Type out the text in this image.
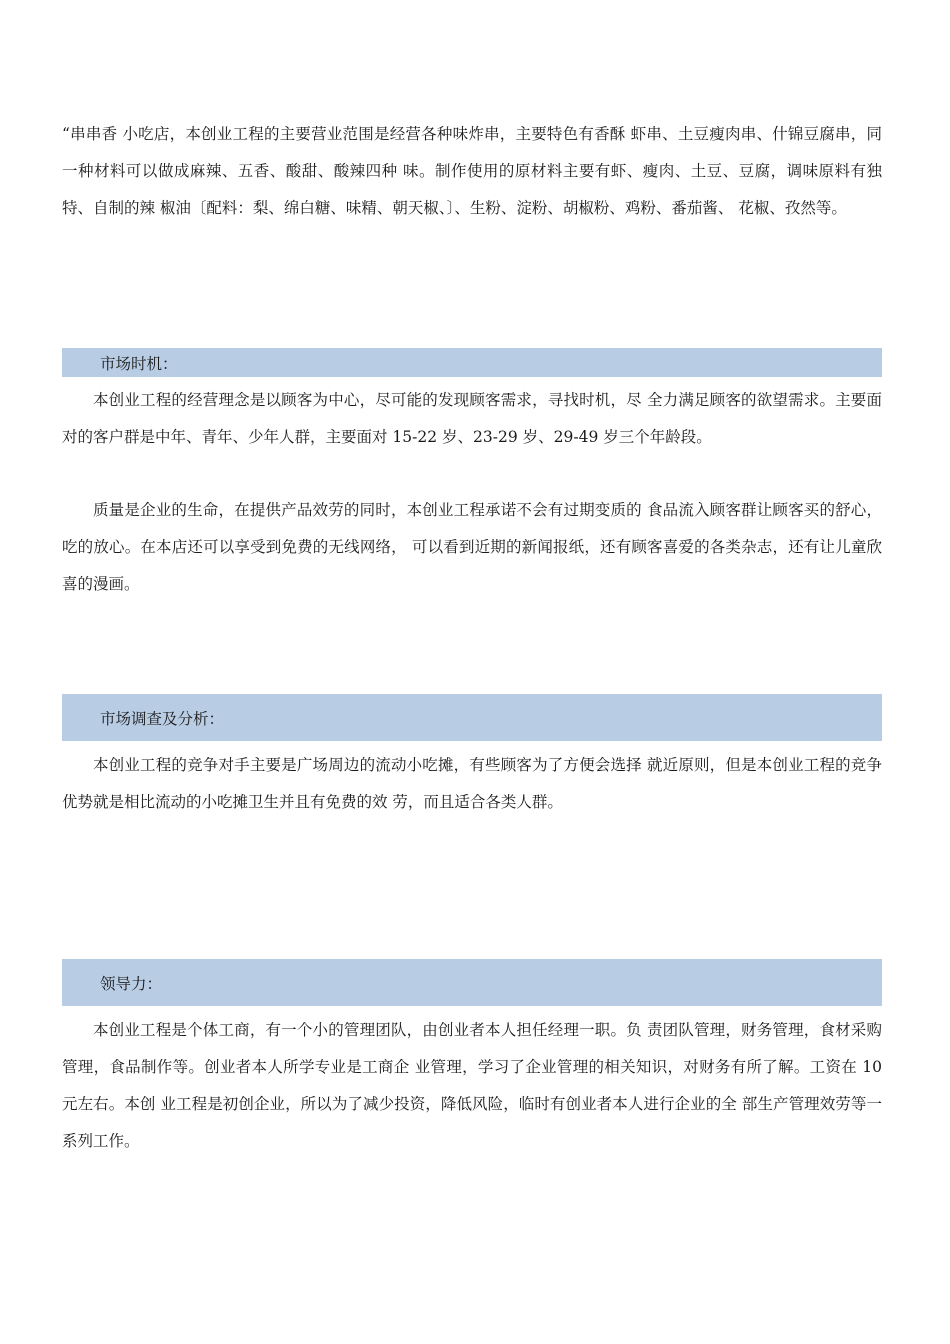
“串串香 小吃店，本创业工程的主要营业范围是经营各种味炸串，主要特色有香酥 虾串、土豆瘦肉串、什锦豆腐串，同一种材料可以做成麻辣、五香、酸甜、酸辣四种 味。制作使用的原材料主要有虾、瘦肉、土豆、豆腐，调味原料有独特、自制的辣 椒油〔配料：梨、绵白糖、味精、朝天椒、〕、生粉、淀粉、胡椒粉、鸡粉、番茄酱、 花椒、孜然等。

市场时机：

本创业工程的经营理念是以顾客为中心，尽可能的发现顾客需求，寻找时机，尽 全力满足顾客的欲望需求。主要面对的客户群是中年、青年、少年人群，主要面对 15-22 岁、23-29 岁、29-49 岁三个年龄段。

质量是企业的生命，在提供产品效劳的同时，本创业工程承诺不会有过期变质的 食品流入顾客群让顾客买的舒心，吃的放心。在本店还可以享受到免费的无线网络， 可以看到近期的新闻报纸，还有顾客喜爱的各类杂志，还有让儿童欣喜的漫画。

市场调查及分析：

本创业工程的竞争对手主要是广场周边的流动小吃摊，有些顾客为了方便会选择 就近原则，但是本创业工程的竞争优势就是相比流动的小吃摊卫生并且有免费的效 劳，而且适合各类人群。

领导力：

本创业工程是个体工商，有一个小的管理团队，由创业者本人担任经理一职。负 责团队管理，财务管理，食材采购管理，食品制作等。创业者本人所学专业是工商企 业管理，学习了企业管理的相关知识，对财务有所了解。工资在 10 元左右。本创 业工程是初创企业，所以为了减少投资，降低风险，临时有创业者本人进行企业的全 部生产管理效劳等一系列工作。
